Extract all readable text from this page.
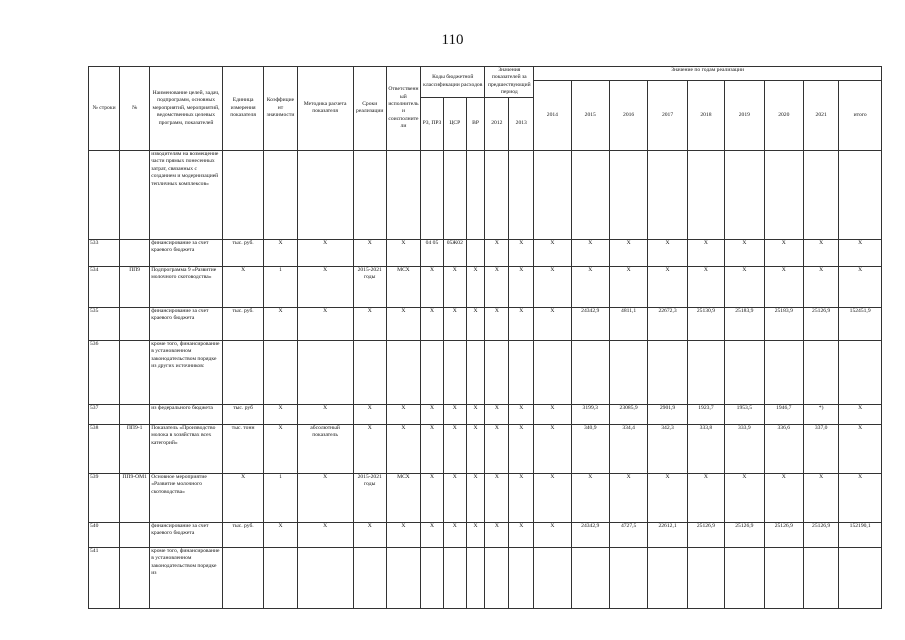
110
№ строки	№	Наименование целей, задач, подпрограмм, основных мероприятий, мероприятий, ведомственных целевых программ, показателей	Единица измерения показателя	Коэффициент значимости	Методика расчета показателя	Сроки реализации	Ответственный исполнитель и соисполнители	Коды бюджетной классификации расходов			Значения показателей за предшествующий период		Значение по годам реализации								
													2014	2015	2016	2017	2018	2019	2020	2021	итого
								РЗ, ПРЗ	ЦСР	ВР	2012	2013									
		изводителям на возмещение части прямых понесенных затрат, связанных с созданием и модернизацией тепличных комплексов»																			
533		финансирование за счет краевого бюджета	тыс. руб.	Х	Х	Х	Х	04 05	05Ж02		Х	Х	Х	Х	Х	Х	Х	Х	Х	Х	Х
534	ПП9	Подпрограмма 9 «Развитие молочного скотоводства»	Х	1	Х	2015-2021 годы	МСХ	Х	Х	Х	Х	Х	Х	Х	Х	Х	Х	Х	Х	Х	Х
535		финансирование за счет краевого бюджета	тыс. руб.	Х	Х	Х	Х	Х	Х	Х	Х	Х	Х	24342,9	4811,1	22672,3	25130,9	25183,9	25183,9	25126,9	152451,9
536		кроме того, финансирование в установленном законодательством порядке из других источников:																			
537		из федерального бюджета	тыс. руб	Х	Х	Х	Х	Х	Х	Х	Х	Х	Х	3199,3	23085,9	2901,9	1923,7	1953,5	1946,7	*)	Х
538	ПП9-1	Показатель «Производство молока в хозяйствах всех категорий»	тыс. тонн	Х	абсолютный показатель	Х	Х	Х	Х	Х	Х	Х	Х	340,9	334,4	342,3	333,8	333,9	336,6	337,0	Х
539	ПП9-ОМ1	Основное мероприятие «Развитие молочного скотоводства»	Х	1	Х	2015-2021 годы	МСХ	Х	Х	Х	Х	Х	Х	Х	Х	Х	Х	Х	Х	Х	Х
540		финансирование за счет краевого бюджета	тыс. руб.	Х	Х	Х	Х	Х	Х	Х	Х	Х	Х	24342,9	4727,5	22612,1	25126,9	25126,9	25126,9	25126,9	152190,1
541		кроме того, финансирование в установленном законодательством порядке из																			
